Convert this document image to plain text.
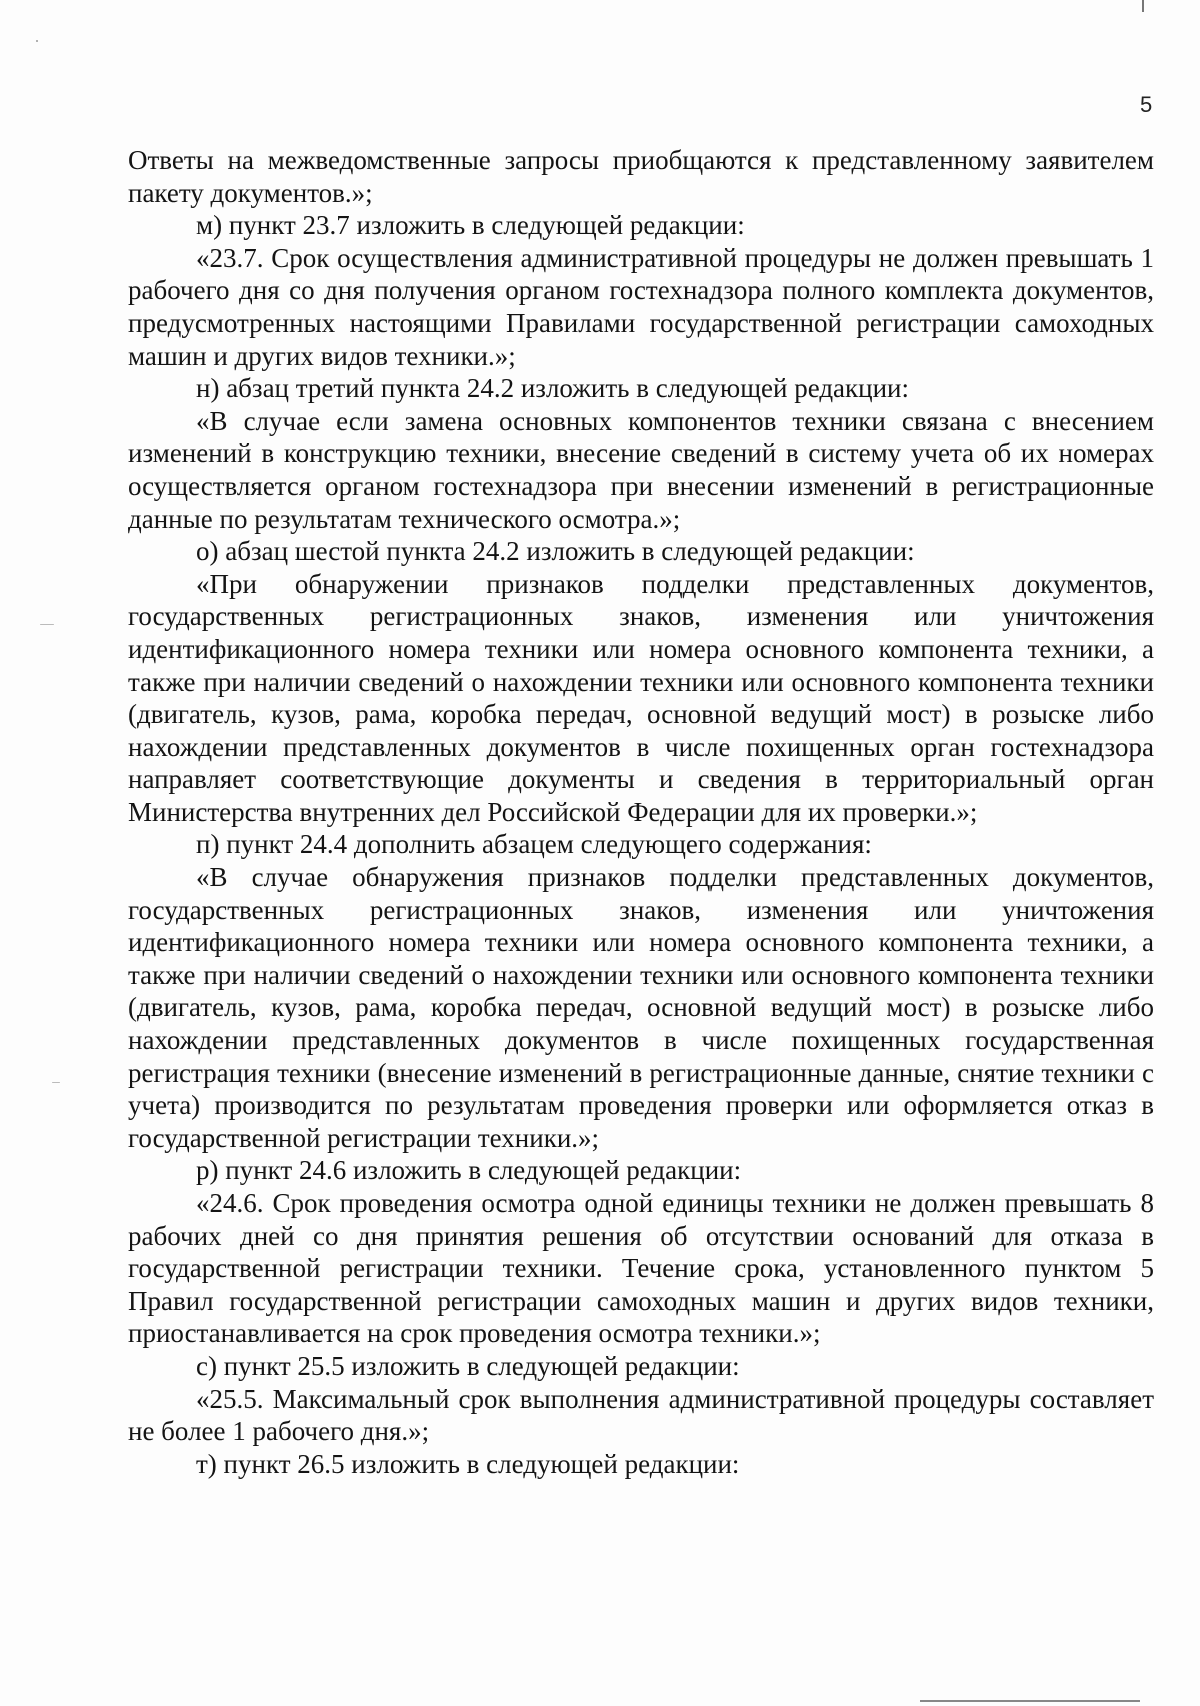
5

Ответы на межведомственные запросы приобщаются к представленному заявителем пакету документов.»;

м) пункт 23.7 изложить в следующей редакции:

«23.7. Срок осуществления административной процедуры не должен превышать 1 рабочего дня со дня получения органом гостехнадзора полного комплекта документов, предусмотренных настоящими Правилами государственной регистрации самоходных машин и других видов техники.»;

н) абзац третий пункта 24.2 изложить в следующей редакции:

«В случае если замена основных компонентов техники связана с внесением изменений в конструкцию техники, внесение сведений в систему учета об их номерах осуществляется органом гостехнадзора при внесении изменений в регистрационные данные по результатам технического осмотра.»;

о) абзац шестой пункта 24.2 изложить в следующей редакции:

«При обнаружении признаков подделки представленных документов, государственных регистрационных знаков, изменения или уничтожения идентификационного номера техники или номера основного компонента техники, а также при наличии сведений о нахождении техники или основного компонента техники (двигатель, кузов, рама, коробка передач, основной ведущий мост) в розыске либо нахождении представленных документов в числе похищенных орган гостехнадзора направляет соответствующие документы и сведения в территориальный орган Министерства внутренних дел Российской Федерации для их проверки.»;

п) пункт 24.4 дополнить абзацем следующего содержания:

«В случае обнаружения признаков подделки представленных документов, государственных регистрационных знаков, изменения или уничтожения идентификационного номера техники или номера основного компонента техники, а также при наличии сведений о нахождении техники или основного компонента техники (двигатель, кузов, рама, коробка передач, основной ведущий мост) в розыске либо нахождении представленных документов в числе похищенных государственная регистрация техники (внесение изменений в регистрационные данные, снятие техники с учета) производится по результатам проведения проверки или оформляется отказ в государственной регистрации техники.»;

р) пункт 24.6 изложить в следующей редакции:

«24.6. Срок проведения осмотра одной единицы техники не должен превышать 8 рабочих дней со дня принятия решения об отсутствии оснований для отказа в государственной регистрации техники. Течение срока, установленного пунктом 5 Правил государственной регистрации самоходных машин и других видов техники, приостанавливается на срок проведения осмотра техники.»;

с) пункт 25.5 изложить в следующей редакции:

«25.5. Максимальный срок выполнения административной процедуры составляет не более 1 рабочего дня.»;

т) пункт 26.5 изложить в следующей редакции:
